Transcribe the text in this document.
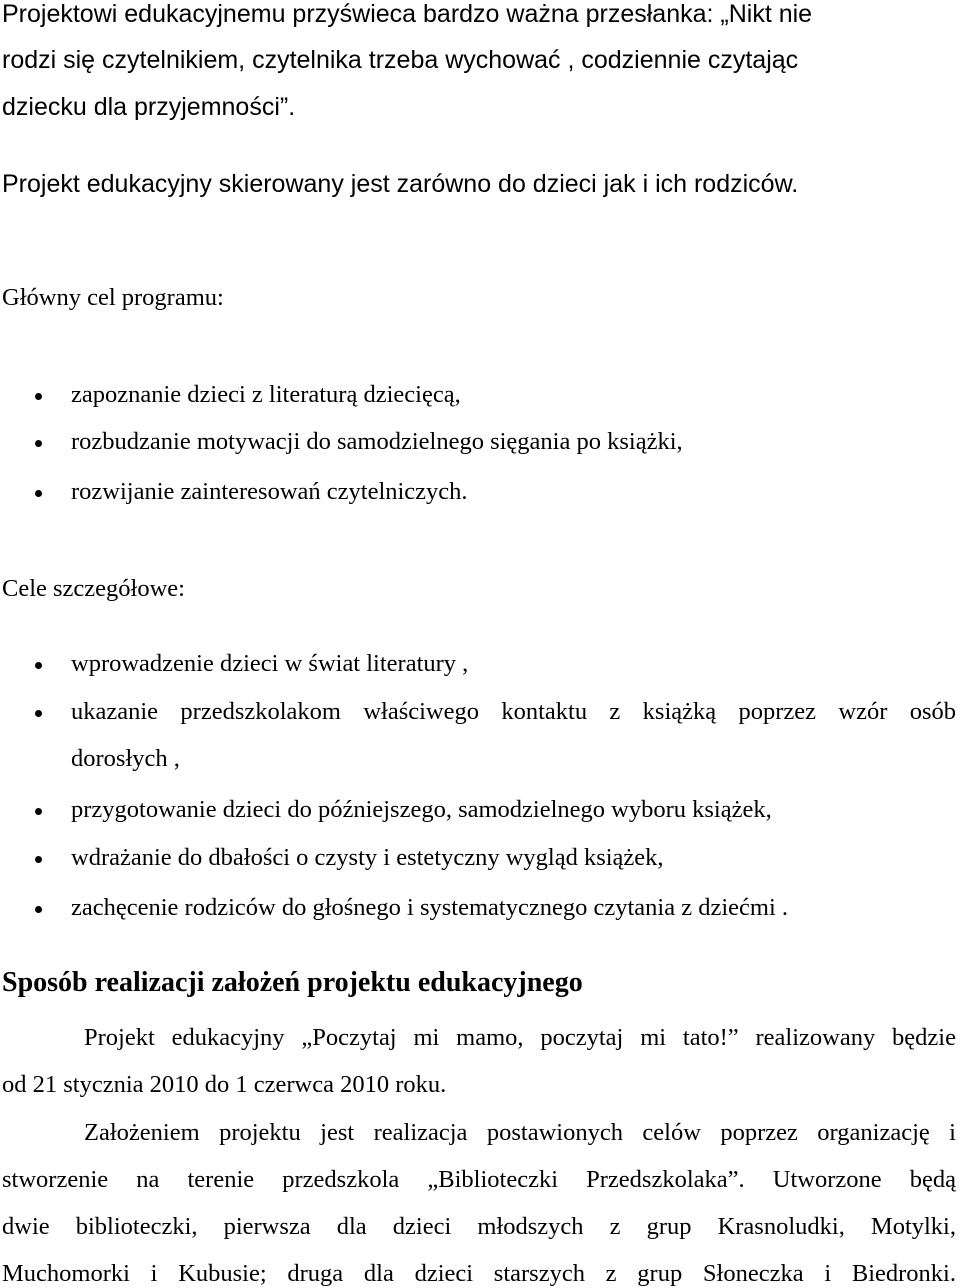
Projektowi edukacyjnemu przyświeca bardzo ważna przesłanka: „Nikt nie
rodzi się czytelnikiem, czytelnika trzeba wychować , codziennie czytając
dziecku dla przyjemności”.
Projekt edukacyjny skierowany jest zarówno do dzieci jak i ich rodziców.
Główny cel programu:
zapoznanie dzieci z literaturą dziecięcą,
rozbudzanie motywacji do samodzielnego sięgania po książki,
rozwijanie zainteresowań czytelniczych.
Cele szczegółowe:
wprowadzenie dzieci w świat literatury ,
ukazanie przedszkolakom właściwego kontaktu z książką poprzez wzór osób
dorosłych ,
przygotowanie dzieci do późniejszego, samodzielnego wyboru książek,
wdrażanie do dbałości o czysty i estetyczny wygląd książek,
zachęcenie rodziców do głośnego i systematycznego czytania z dziećmi .
Sposób realizacji założeń projektu edukacyjnego
Projekt edukacyjny „Poczytaj mi mamo, poczytaj mi tato!” realizowany będzie
od 21 stycznia 2010 do 1 czerwca 2010 roku.
Założeniem projektu jest realizacja postawionych celów poprzez organizację i
stworzenie na terenie przedszkola „Biblioteczki Przedszkolaka”. Utworzone będą
dwie biblioteczki, pierwsza dla dzieci młodszych z grup Krasnoludki, Motylki,
Muchomorki i Kubusie; druga dla dzieci starszych z grup Słoneczka i Biedronki.
